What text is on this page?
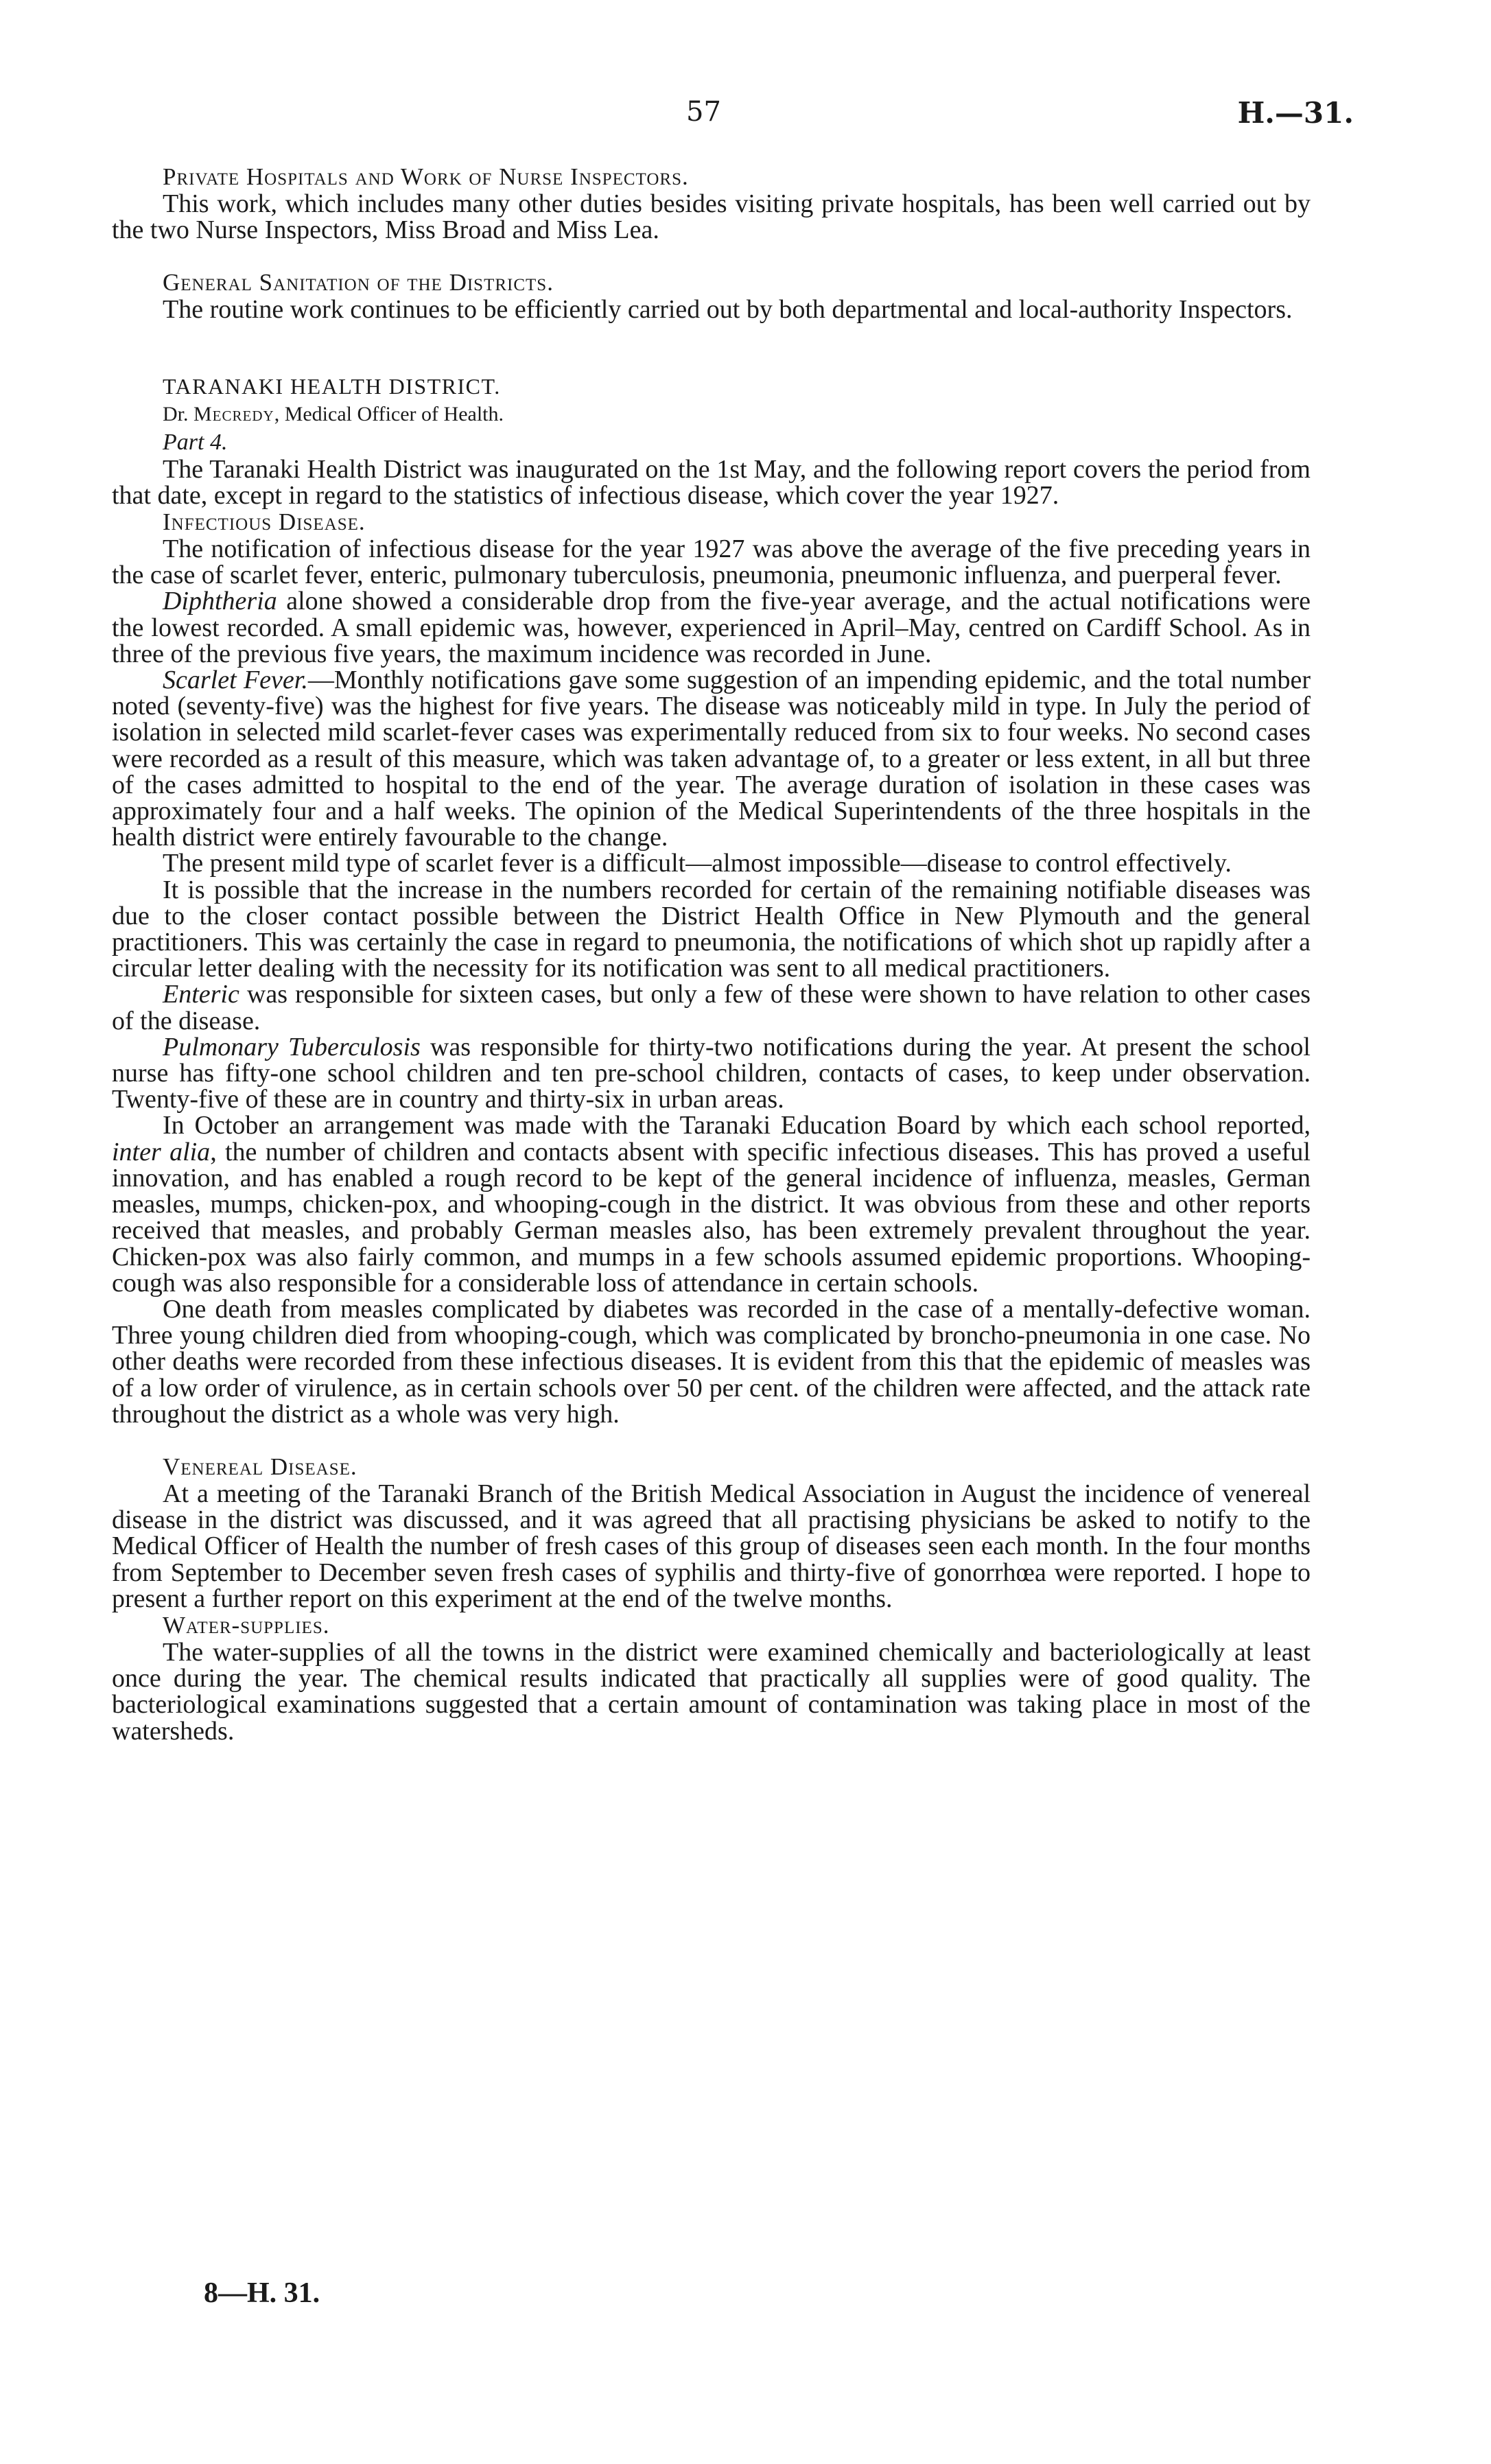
57	H.—31.

Private Hospitals and Work of Nurse Inspectors.

This work, which includes many other duties besides visiting private hospitals, has been well carried out by the two Nurse Inspectors, Miss Broad and Miss Lea.

General Sanitation of the Districts.

The routine work continues to be efficiently carried out by both departmental and local-authority Inspectors.

TARANAKI HEALTH DISTRICT.

Dr. Mecredy, Medical Officer of Health.

Part 4.

The Taranaki Health District was inaugurated on the 1st May, and the following report covers the period from that date, except in regard to the statistics of infectious disease, which cover the year 1927.

Infectious Disease.

The notification of infectious disease for the year 1927 was above the average of the five preceding years in the case of scarlet fever, enteric, pulmonary tuberculosis, pneumonia, pneumonic influenza, and puerperal fever.

Diphtheria alone showed a considerable drop from the five-year average, and the actual notifications were the lowest recorded. A small epidemic was, however, experienced in April–May, centred on Cardiff School. As in three of the previous five years, the maximum incidence was recorded in June.

Scarlet Fever.—Monthly notifications gave some suggestion of an impending epidemic, and the total number noted (seventy-five) was the highest for five years. The disease was noticeably mild in type. In July the period of isolation in selected mild scarlet-fever cases was experimentally reduced from six to four weeks. No second cases were recorded as a result of this measure, which was taken advantage of, to a greater or less extent, in all but three of the cases admitted to hospital to the end of the year. The average duration of isolation in these cases was approximately four and a half weeks. The opinion of the Medical Superintendents of the three hospitals in the health district were entirely favourable to the change.

The present mild type of scarlet fever is a difficult—almost impossible—disease to control effectively.

It is possible that the increase in the numbers recorded for certain of the remaining notifiable diseases was due to the closer contact possible between the District Health Office in New Plymouth and the general practitioners. This was certainly the case in regard to pneumonia, the notifications of which shot up rapidly after a circular letter dealing with the necessity for its notification was sent to all medical practitioners.

Enteric was responsible for sixteen cases, but only a few of these were shown to have relation to other cases of the disease.

Pulmonary Tuberculosis was responsible for thirty-two notifications during the year. At present the school nurse has fifty-one school children and ten pre-school children, contacts of cases, to keep under observation. Twenty-five of these are in country and thirty-six in urban areas.

In October an arrangement was made with the Taranaki Education Board by which each school reported, inter alia, the number of children and contacts absent with specific infectious diseases. This has proved a useful innovation, and has enabled a rough record to be kept of the general incidence of influenza, measles, German measles, mumps, chicken-pox, and whooping-cough in the district. It was obvious from these and other reports received that measles, and probably German measles also, has been extremely prevalent throughout the year. Chicken-pox was also fairly common, and mumps in a few schools assumed epidemic proportions. Whooping-cough was also responsible for a considerable loss of attendance in certain schools.

One death from measles complicated by diabetes was recorded in the case of a mentally-defective woman. Three young children died from whooping-cough, which was complicated by broncho-pneumonia in one case. No other deaths were recorded from these infectious diseases. It is evident from this that the epidemic of measles was of a low order of virulence, as in certain schools over 50 per cent. of the children were affected, and the attack rate throughout the district as a whole was very high.

Venereal Disease.

At a meeting of the Taranaki Branch of the British Medical Association in August the incidence of venereal disease in the district was discussed, and it was agreed that all practising physicians be asked to notify to the Medical Officer of Health the number of fresh cases of this group of diseases seen each month. In the four months from September to December seven fresh cases of syphilis and thirty-five of gonorrhœa were reported. I hope to present a further report on this experiment at the end of the twelve months.

Water-supplies.

The water-supplies of all the towns in the district were examined chemically and bacteriologically at least once during the year. The chemical results indicated that practically all supplies were of good quality. The bacteriological examinations suggested that a certain amount of contamination was taking place in most of the watersheds.

8—H. 31.
